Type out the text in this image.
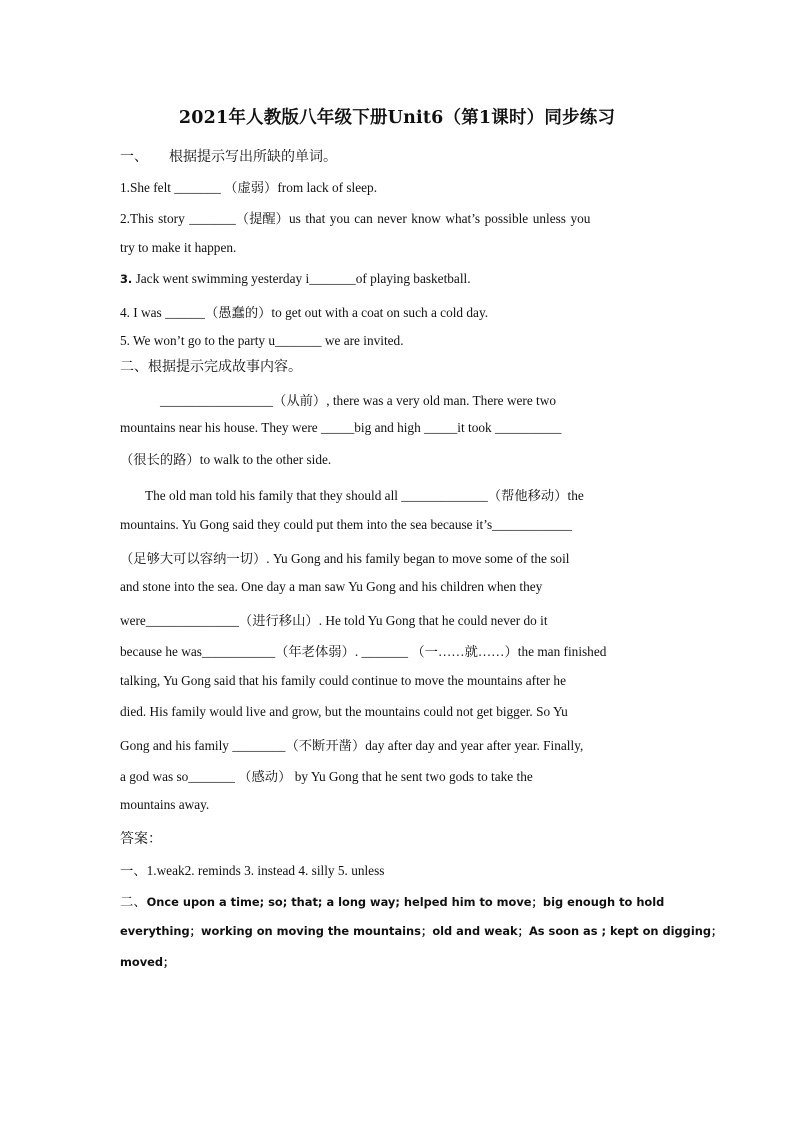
2021年人教版八年级下册Unit6（第1课时）同步练习
一、　　根据提示写出所缺的单词。
1.She felt _______ （虚弱）from lack of sleep.
2.This story _______（提醒）us that you can never know what’s possible unless you
try to make it happen.
3. Jack went swimming yesterday i_______of playing basketball.
4. I was ______（愚蠢的）to get out with a coat on such a cold day.
5. We won’t go to the party u_______ we are invited.
二、根据提示完成故事内容。
_________________（从前）, there was a very old man. There were two
mountains near his house. They were _____big and high _____it took __________
（很长的路）to walk to the other side.
The old man told his family that they should all _____________（帮他移动）the
mountains. Yu Gong said they could put them into the sea because it’s____________
（足够大可以容纳一切）. Yu Gong and his family began to move some of the soil
and stone into the sea. One day a man saw Yu Gong and his children when they
were______________（进行移山）. He told Yu Gong that he could never do it
because he was___________（年老体弱）. _______ （一……就……）the man finished
talking, Yu Gong said that his family could continue to move the mountains after he
died. His family would live and grow, but the mountains could not get bigger. So Yu
Gong and his family ________（不断开凿）day after day and year after year. Finally,
a god was so_______ （感动） by Yu Gong that he sent two gods to take the
mountains away.
答案：
一、1.weak2. reminds 3. instead 4. silly 5. unless
二、Once upon a time; so; that; a long way; helped him to move；big enough to hold
everything；working on moving the mountains；old and weak；As soon as ; kept on digging；
moved；
